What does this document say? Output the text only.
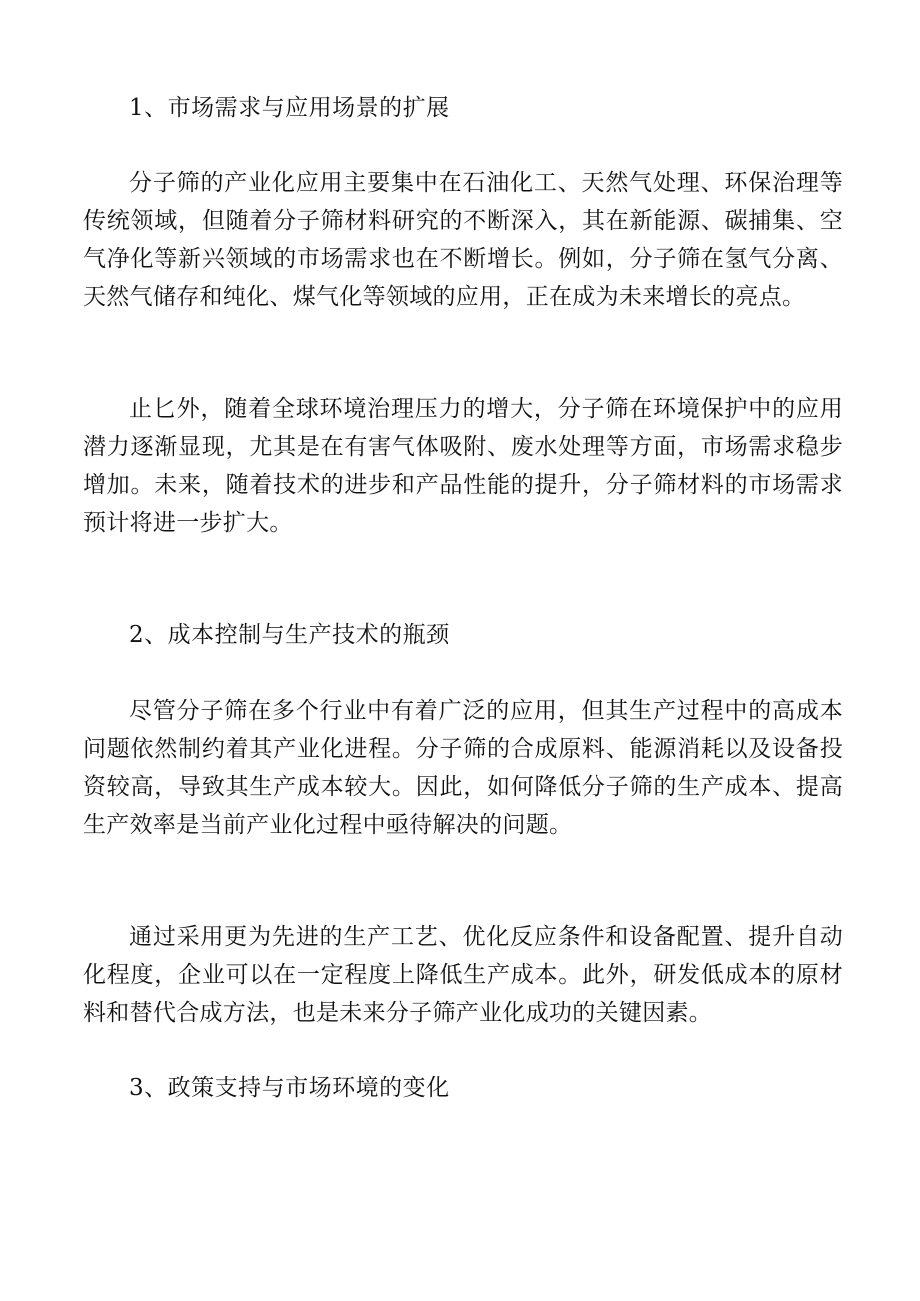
1、市场需求与应用场景的扩展

分子筛的产业化应用主要集中在石油化工、天然气处理、环保治理等传统领域，但随着分子筛材料研究的不断深入，其在新能源、碳捕集、空气净化等新兴领域的市场需求也在不断增长。例如，分子筛在氢气分离、天然气储存和纯化、煤气化等领域的应用，正在成为未来增长的亮点。

止匕外，随着全球环境治理压力的增大，分子筛在环境保护中的应用潜力逐渐显现，尤其是在有害气体吸附、废水处理等方面，市场需求稳步增加。未来，随着技术的进步和产品性能的提升，分子筛材料的市场需求预计将进一步扩大。

2、成本控制与生产技术的瓶颈

尽管分子筛在多个行业中有着广泛的应用，但其生产过程中的高成本问题依然制约着其产业化进程。分子筛的合成原料、能源消耗以及设备投资较高，导致其生产成本较大。因此，如何降低分子筛的生产成本、提高生产效率是当前产业化过程中亟待解决的问题。

通过采用更为先进的生产工艺、优化反应条件和设备配置、提升自动化程度，企业可以在一定程度上降低生产成本。此外，研发低成本的原材料和替代合成方法，也是未来分子筛产业化成功的关键因素。

3、政策支持与市场环境的变化
